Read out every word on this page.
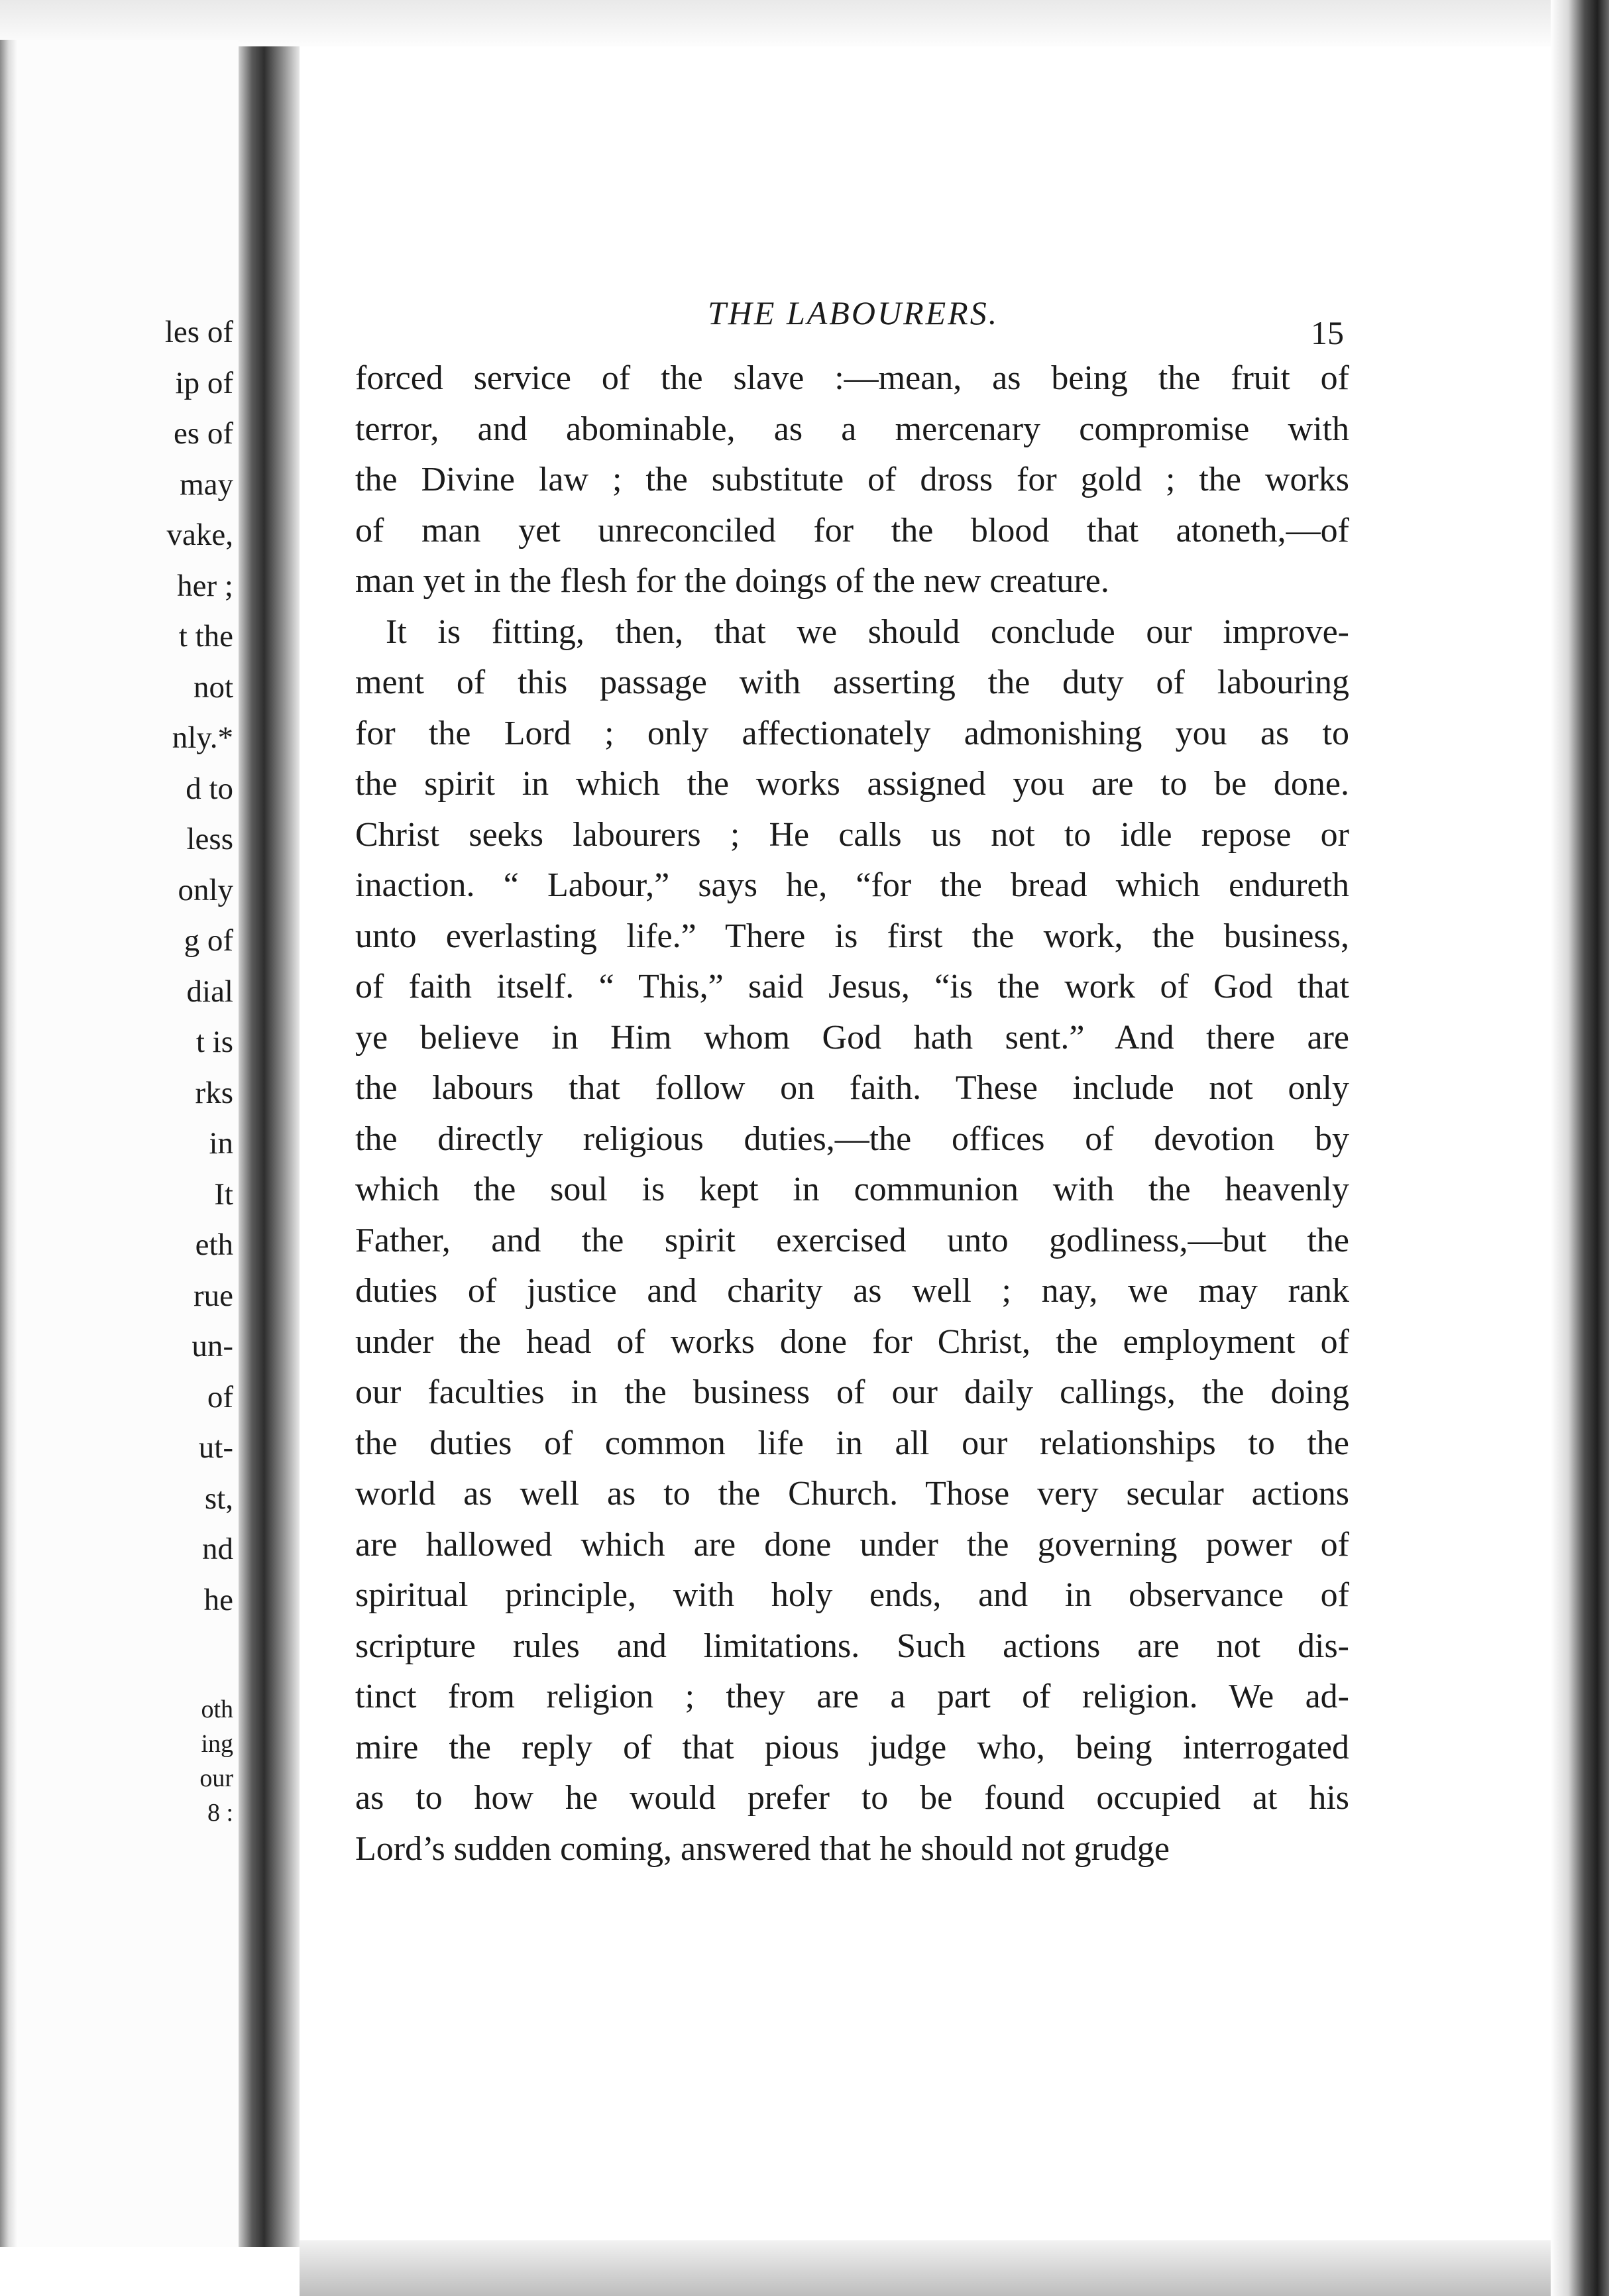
les of
ip of
es of
may
vake,
her ;
t the
not
nly.*
d to
less
only
g of
dial
t is
rks
in
It
eth
rue
un-
of
ut-
st,
nd
he
oth
ing
our
8 :
THE LABOURERS.
15
forced service of the slave :—mean, as being the fruit of
terror, and abominable, as a mercenary compromise with
the Divine law ; the substitute of dross for gold ; the works
of man yet unreconciled for the blood that atoneth,—of
man yet in the flesh for the doings of the new creature.
It is fitting, then, that we should conclude our improve-
ment of this passage with asserting the duty of labouring
for the Lord ; only affectionately admonishing you as to
the spirit in which the works assigned you are to be done.
Christ seeks labourers ; He calls us not to idle repose or
inaction. “ Labour,” says he, “for the bread which endureth
unto everlasting life.” There is first the work, the business,
of faith itself. “ This,” said Jesus, “is the work of God that
ye believe in Him whom God hath sent.” And there are
the labours that follow on faith. These include not only
the directly religious duties,—the offices of devotion by
which the soul is kept in communion with the heavenly
Father, and the spirit exercised unto godliness,—but the
duties of justice and charity as well ; nay, we may rank
under the head of works done for Christ, the employment of
our faculties in the business of our daily callings, the doing
the duties of common life in all our relationships to the
world as well as to the Church. Those very secular actions
are hallowed which are done under the governing power of
spiritual principle, with holy ends, and in observance of
scripture rules and limitations. Such actions are not dis-
tinct from religion ; they are a part of religion. We ad-
mire the reply of that pious judge who, being interrogated
as to how he would prefer to be found occupied at his
Lord’s sudden coming, answered that he should not grudge
